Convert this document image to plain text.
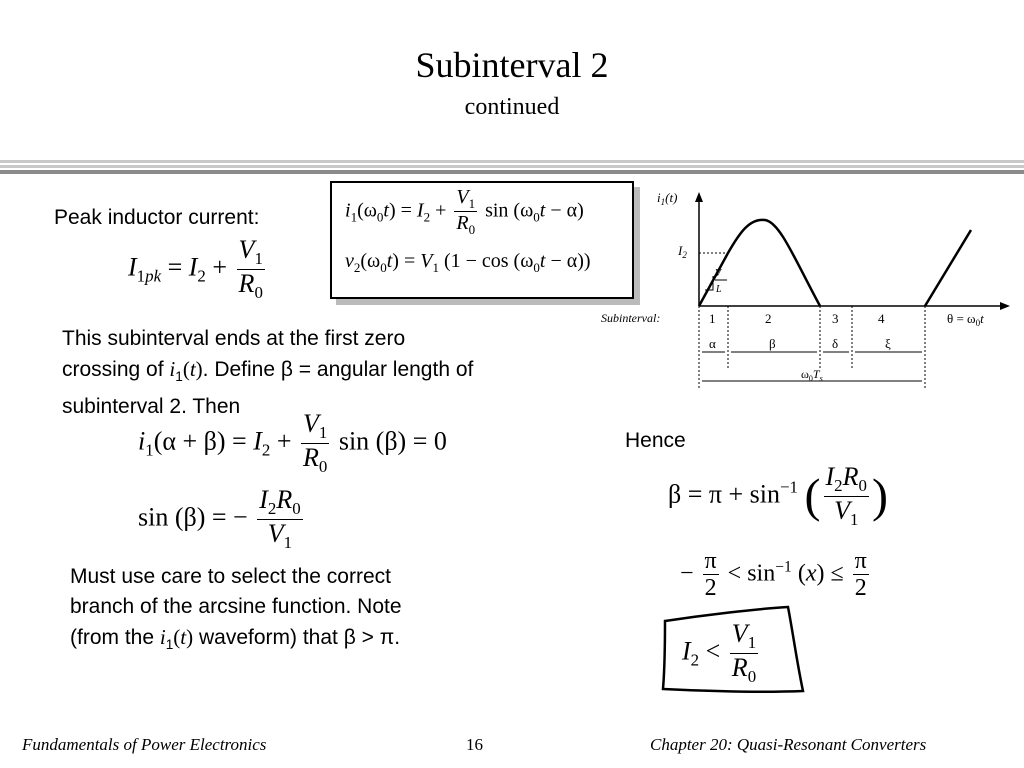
Subinterval 2
continued
Peak inductor current:
$I_{1pk} = I_2 + \frac{V_1}{R_0}$
$i_1(\omega_0t) = I_2 + \frac{V_1}{R_0}$ $\sin (\omega_0t - \alpha)$
$v_2(\omega_0t) = V_1$ $(1 - \cos (\omega_0t - \alpha))$
$i_1(t)$
$I_2$
V
L
Subinterval:	1	2	3	4	$\theta = \omega_0t$
α	β	δ	ξ
$\omega_0T_s$
This subinterval ends at the first zero
crossing of $i_1(t)$. Define β = angular length of
subinterval 2. Then
$i_1(\alpha + \beta) = I_2 + \frac{V_1}{R_0}$ sin (β) = 0
sin (β) = − $\frac{I_2R_0}{V_1}$
Hence
$\beta = \pi + \sin^{-1}$ ( $\frac{I_2R_0}{V_1}$ )
− $\frac{\pi}{2} < \sin^{-1} (x) \le \frac{\pi}{2}$
Must use care to select the correct
branch of the arcsine function. Note
(from the $i_1(t)$ waveform) that β > π.	$I_2 < \frac{V_1}{R_0}$
Fundamentals of Power Electronics	16	Chapter 20: Quasi-Resonant Converters
